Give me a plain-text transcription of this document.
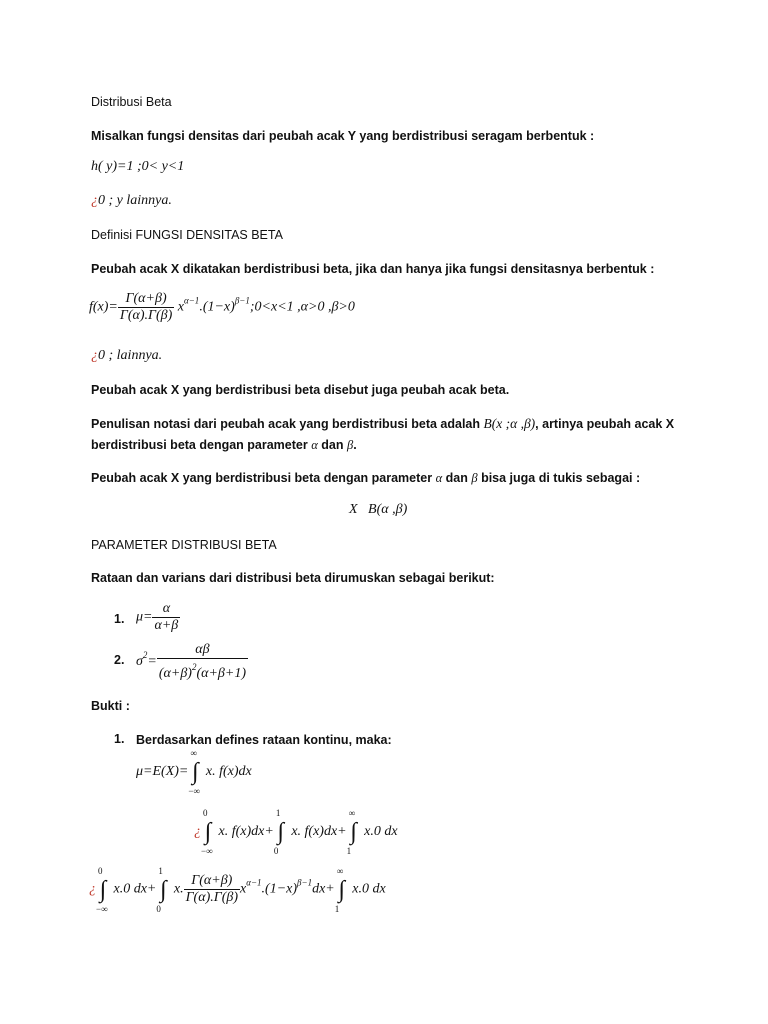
Distribusi Beta
Misalkan fungsi densitas dari peubah acak Y yang berdistribusi seragam berbentuk :
h( y)=1 ;0< y<1
¿0 ; y lainnya.
Definisi FUNGSI DENSITAS BETA
Peubah acak X dikatakan berdistribusi beta, jika dan hanya jika fungsi densitasnya berbentuk :
$f(x)= \frac{\Gamma(\alpha+\beta)}{\Gamma(\alpha).\Gamma(\beta)}$ $x^{\alpha-1}.(1-x)^{\beta-1};0<x<1$ ,α>0 ,β>0
¿0 ; lainnya.
Peubah acak X yang berdistribusi beta disebut juga peubah acak beta.
Penulisan notasi dari peubah acak yang berdistribusi beta adalah B(x ;α ,β), artinya peubah acak X
berdistribusi beta dengan parameter α dan β.
Peubah acak X yang berdistribusi beta dengan parameter α dan β bisa juga di tukis sebagai :
X   B(α ,β)
PARAMETER DISTRIBUSI BETA
Rataan dan varians dari distribusi beta dirumuskan sebagai berikut:
1. $\mu= \frac{\alpha}{\alpha+\beta}$
2. $\sigma^2= \frac{\alpha\beta}{(\alpha+\beta)^2(\alpha+\beta+1)}$
Bukti :
1. Berdasarkan defines rataan kontinu, maka:
μ=E(X)= ∫
∞
−∞
x. f(x)dx
¿ ∫
0
−∞
x. f(x)dx+ ∫
1
0
x. f(x)dx+ ∫
∞
1
x.0 dx
¿ ∫
0
−∞
x.0 dx+ ∫
1
0
x. $\frac{\Gamma(\alpha+\beta)}{\Gamma(\alpha).\Gamma(\beta)} x^{\alpha-1}.(1-x)^{\beta-1}dx+$ ∫
∞
1
x.0 dx
